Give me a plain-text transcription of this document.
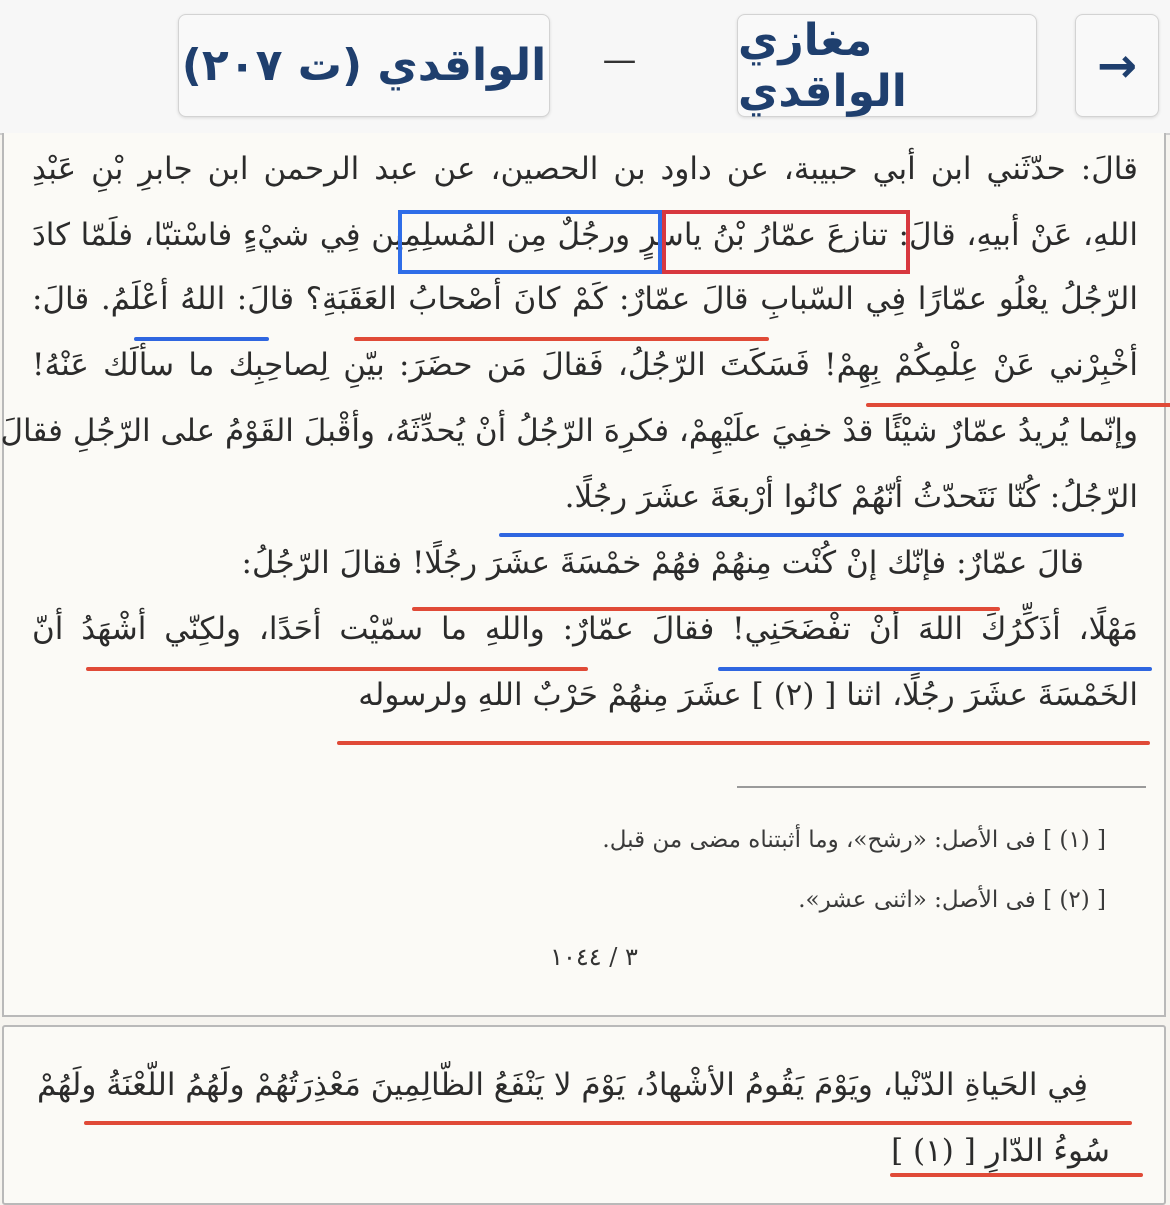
→
مغازي الواقدي
—
الواقدي (ت ٢٠٧)
قالَ: حدّثَني ابن أبي حبيبة، عن داود بن الحصين، عن عبد الرحمن ابن جابرِ بْنِ عَبْدِ
اللهِ، عَنْ أبيهِ، قالَ: تنازعَ عمّارُ بْنُ ياسرٍ ورجُلٌ مِن المُسلِمِين فِي شيْءٍ فاسْتبّا، فلَمّا كادَ
الرّجُلُ يعْلُو عمّارًا فِي السّبابِ قالَ عمّارٌ: كَمْ كانَ أصْحابُ العَقَبَةِ؟ قالَ: اللهُ أعْلَمُ. قالَ:
أخْبِرْني عَنْ عِلْمِكُمْ بِهِمْ! فَسَكَتَ الرّجُلُ، فَقالَ مَن حضَرَ: بيّنِ لِصاحِبِك ما سألَك عَنْهُ!
وإنّما يُريدُ عمّارٌ شيْئًا قدْ خفِيَ علَيْهِمْ، فكرِهَ الرّجُلُ أنْ يُحدِّثَهُ، وأقْبلَ القَوْمُ على الرّجُلِ فقالَ
الرّجُلُ: كُنّا نَتَحدّثُ أنّهُمْ كانُوا أرْبعَةَ عشَرَ رجُلًا.
قالَ عمّارٌ: فإنّك إنْ كُنْت مِنهُمْ فهُمْ خمْسَةَ عشَرَ رجُلًا! فقالَ الرّجُلُ:
مَهْلًا، أذَكِّرُكَ اللهَ أنْ تفْضَحَنِي! فقالَ عمّارٌ: واللهِ ما سمّيْت أحَدًا، ولكِنّي أشْهَدُ أنّ
الخَمْسَةَ عشَرَ رجُلًا، اثنا [ (٢) ] عشَرَ مِنهُمْ حَرْبٌ اللهِ ولرسوله
[ (١) ] فى الأصل: «رشح»، وما أثبتناه مضى من قبل.
[ (٢) ] فى الأصل: «اثنى عشر».
٣ / ١٠٤٤
فِي الحَياةِ الدّنْيا، ويَوْمَ يَقُومُ الأشْهادُ، يَوْمَ لا يَنْفَعُ الظّالِمِينَ مَعْذِرَتُهُمْ ولَهُمُ اللّعْنَةُ ولَهُمْ
سُوءُ الدّارِ [ (١) ]
